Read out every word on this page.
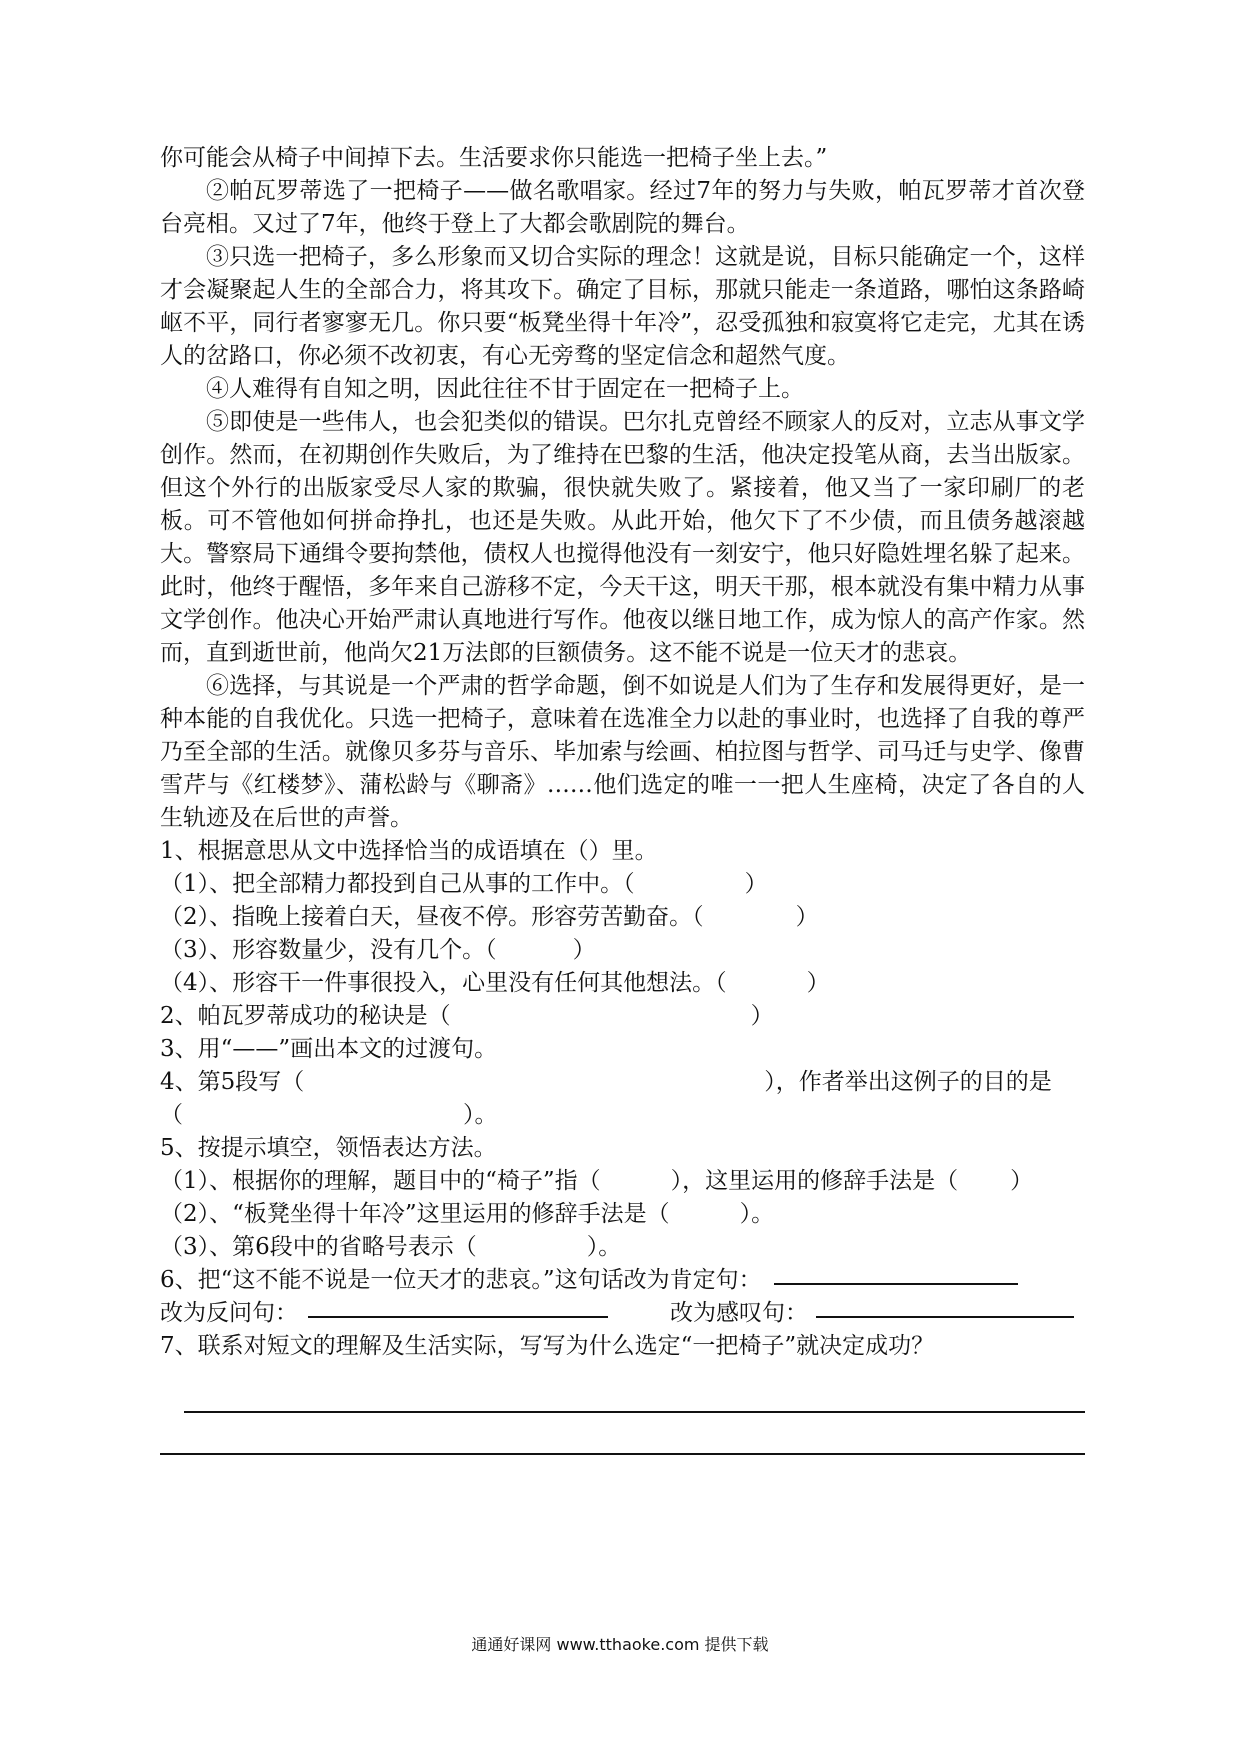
你可能会从椅子中间掉下去。生活要求你只能选一把椅子坐上去。”

②帕瓦罗蒂选了一把椅子——做名歌唱家。经过7年的努力与失败，帕瓦罗蒂才首次登台亮相。又过了7年，他终于登上了大都会歌剧院的舞台。

③只选一把椅子，多么形象而又切合实际的理念！这就是说，目标只能确定一个，这样才会凝聚起人生的全部合力，将其攻下。确定了目标，那就只能走一条道路，哪怕这条路崎岖不平，同行者寥寥无几。你只要“板凳坐得十年冷”，忍受孤独和寂寞将它走完，尤其在诱人的岔路口，你必须不改初衷，有心无旁骛的坚定信念和超然气度。

④人难得有自知之明，因此往往不甘于固定在一把椅子上。

⑤即使是一些伟人，也会犯类似的错误。巴尔扎克曾经不顾家人的反对，立志从事文学创作。然而，在初期创作失败后，为了维持在巴黎的生活，他决定投笔从商，去当出版家。但这个外行的出版家受尽人家的欺骗，很快就失败了。紧接着，他又当了一家印刷厂的老板。可不管他如何拼命挣扎，也还是失败。从此开始，他欠下了不少债，而且债务越滚越大。警察局下通缉令要拘禁他，债权人也搅得他没有一刻安宁，他只好隐姓埋名躲了起来。此时，他终于醒悟，多年来自己游移不定，今天干这，明天干那，根本就没有集中精力从事文学创作。他决心开始严肃认真地进行写作。他夜以继日地工作，成为惊人的高产作家。然而，直到逝世前，他尚欠21万法郎的巨额债务。这不能不说是一位天才的悲哀。

⑥选择，与其说是一个严肃的哲学命题，倒不如说是人们为了生存和发展得更好，是一种本能的自我优化。只选一把椅子，意味着在选准全力以赴的事业时，也选择了自我的尊严乃至全部的生活。就像贝多芬与音乐、毕加索与绘画、柏拉图与哲学、司马迁与史学、像曹雪芹与《红楼梦》、蒲松龄与《聊斋》……他们选定的唯一一把人生座椅，决定了各自的人生轨迹及在后世的声誉。

1、根据意思从文中选择恰当的成语填在（）里。

（1）、把全部精力都投到自己从事的工作中。（	）

（2）、指晚上接着白天，昼夜不停。形容劳苦勤奋。（	）

（3）、形容数量少，没有几个。（	）

（4）、形容干一件事很投入，心里没有任何其他想法。（	）

2、帕瓦罗蒂成功的秘诀是（	）

3、用“——”画出本文的过渡句。

4、第5段写（	），作者举出这例子的目的是

（	）。

5、按提示填空，领悟表达方法。

（1）、根据你的理解，题目中的“椅子”指（	），这里运用的修辞手法是（ ）

（2）、“板凳坐得十年冷”这里运用的修辞手法是（	）。

（3）、第6段中的省略号表示（	）。

6、把“这不能不说是一位天才的悲哀。”这句话改为肯定句：

改为反问句：	改为感叹句：

7、联系对短文的理解及生活实际，写写为什么选定“一把椅子”就决定成功？

通通好课网 www.tthaoke.com 提供下载
